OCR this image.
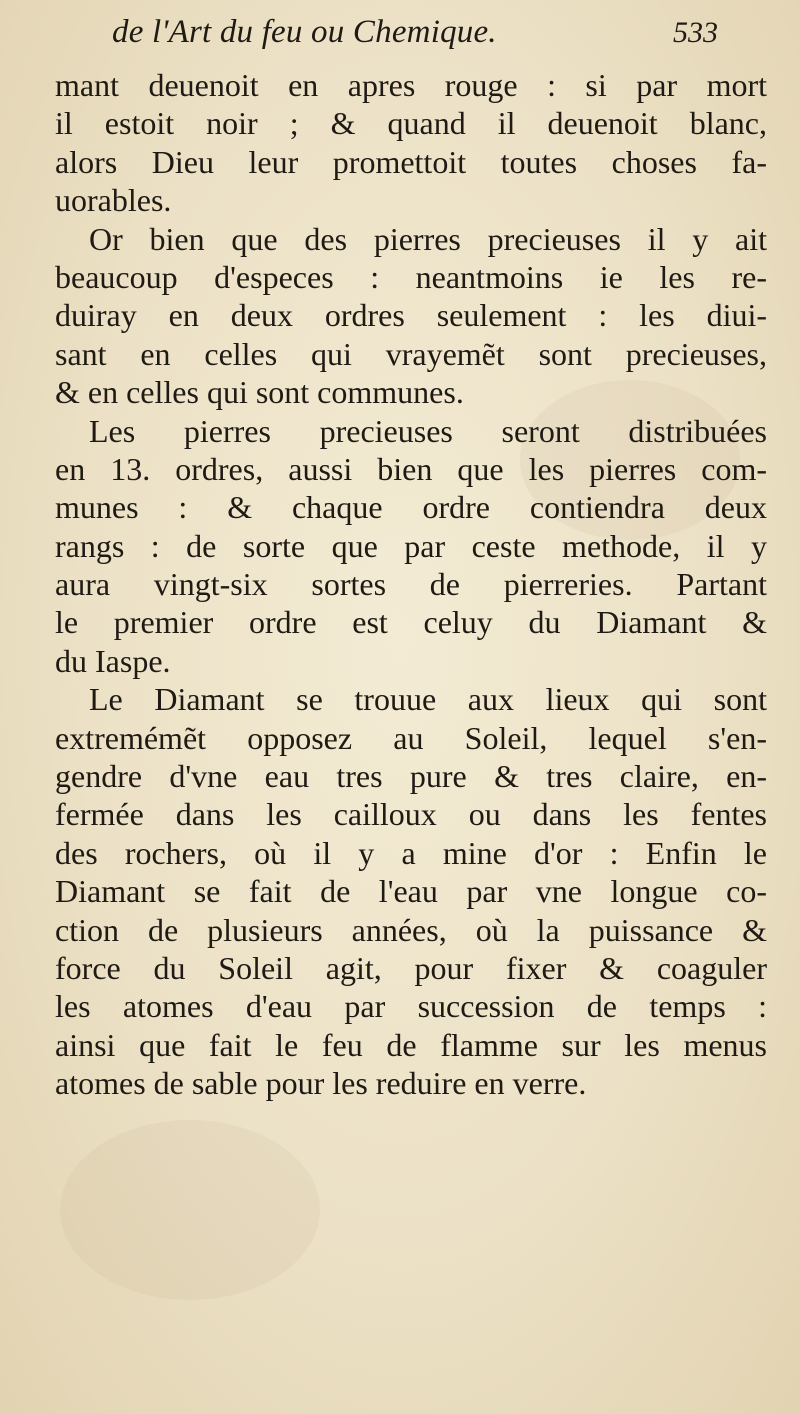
de l'Art du feu ou Chemique.	533
mant deuenoit en apres rouge : si par mort
il estoit noir ; & quand il deuenoit blanc,
alors Dieu leur promettoit toutes choses fa-
uorables.
Or bien que des pierres precieuses il y ait
beaucoup d'especes : neantmoins ie les re-
duiray en deux ordres seulement : les diui-
sant en celles qui vrayemẽt sont precieuses,
& en celles qui sont communes.
Les pierres precieuses seront distribuées
en 13. ordres, aussi bien que les pierres com-
munes : & chaque ordre contiendra deux
rangs : de sorte que par ceste methode, il y
aura vingt-six sortes de pierreries. Partant
le premier ordre est celuy du Diamant &
du Iaspe.
Le Diamant se trouue aux lieux qui sont
extremémẽt opposez au Soleil, lequel s'en-
gendre d'vne eau tres pure & tres claire, en-
fermée dans les cailloux ou dans les fentes
des rochers, où il y a mine d'or : Enfin le
Diamant se fait de l'eau par vne longue co-
ction de plusieurs années, où la puissance &
force du Soleil agit, pour fixer & coaguler
les atomes d'eau par succession de temps :
ainsi que fait le feu de flamme sur les menus
atomes de sable pour les reduire en verre.
